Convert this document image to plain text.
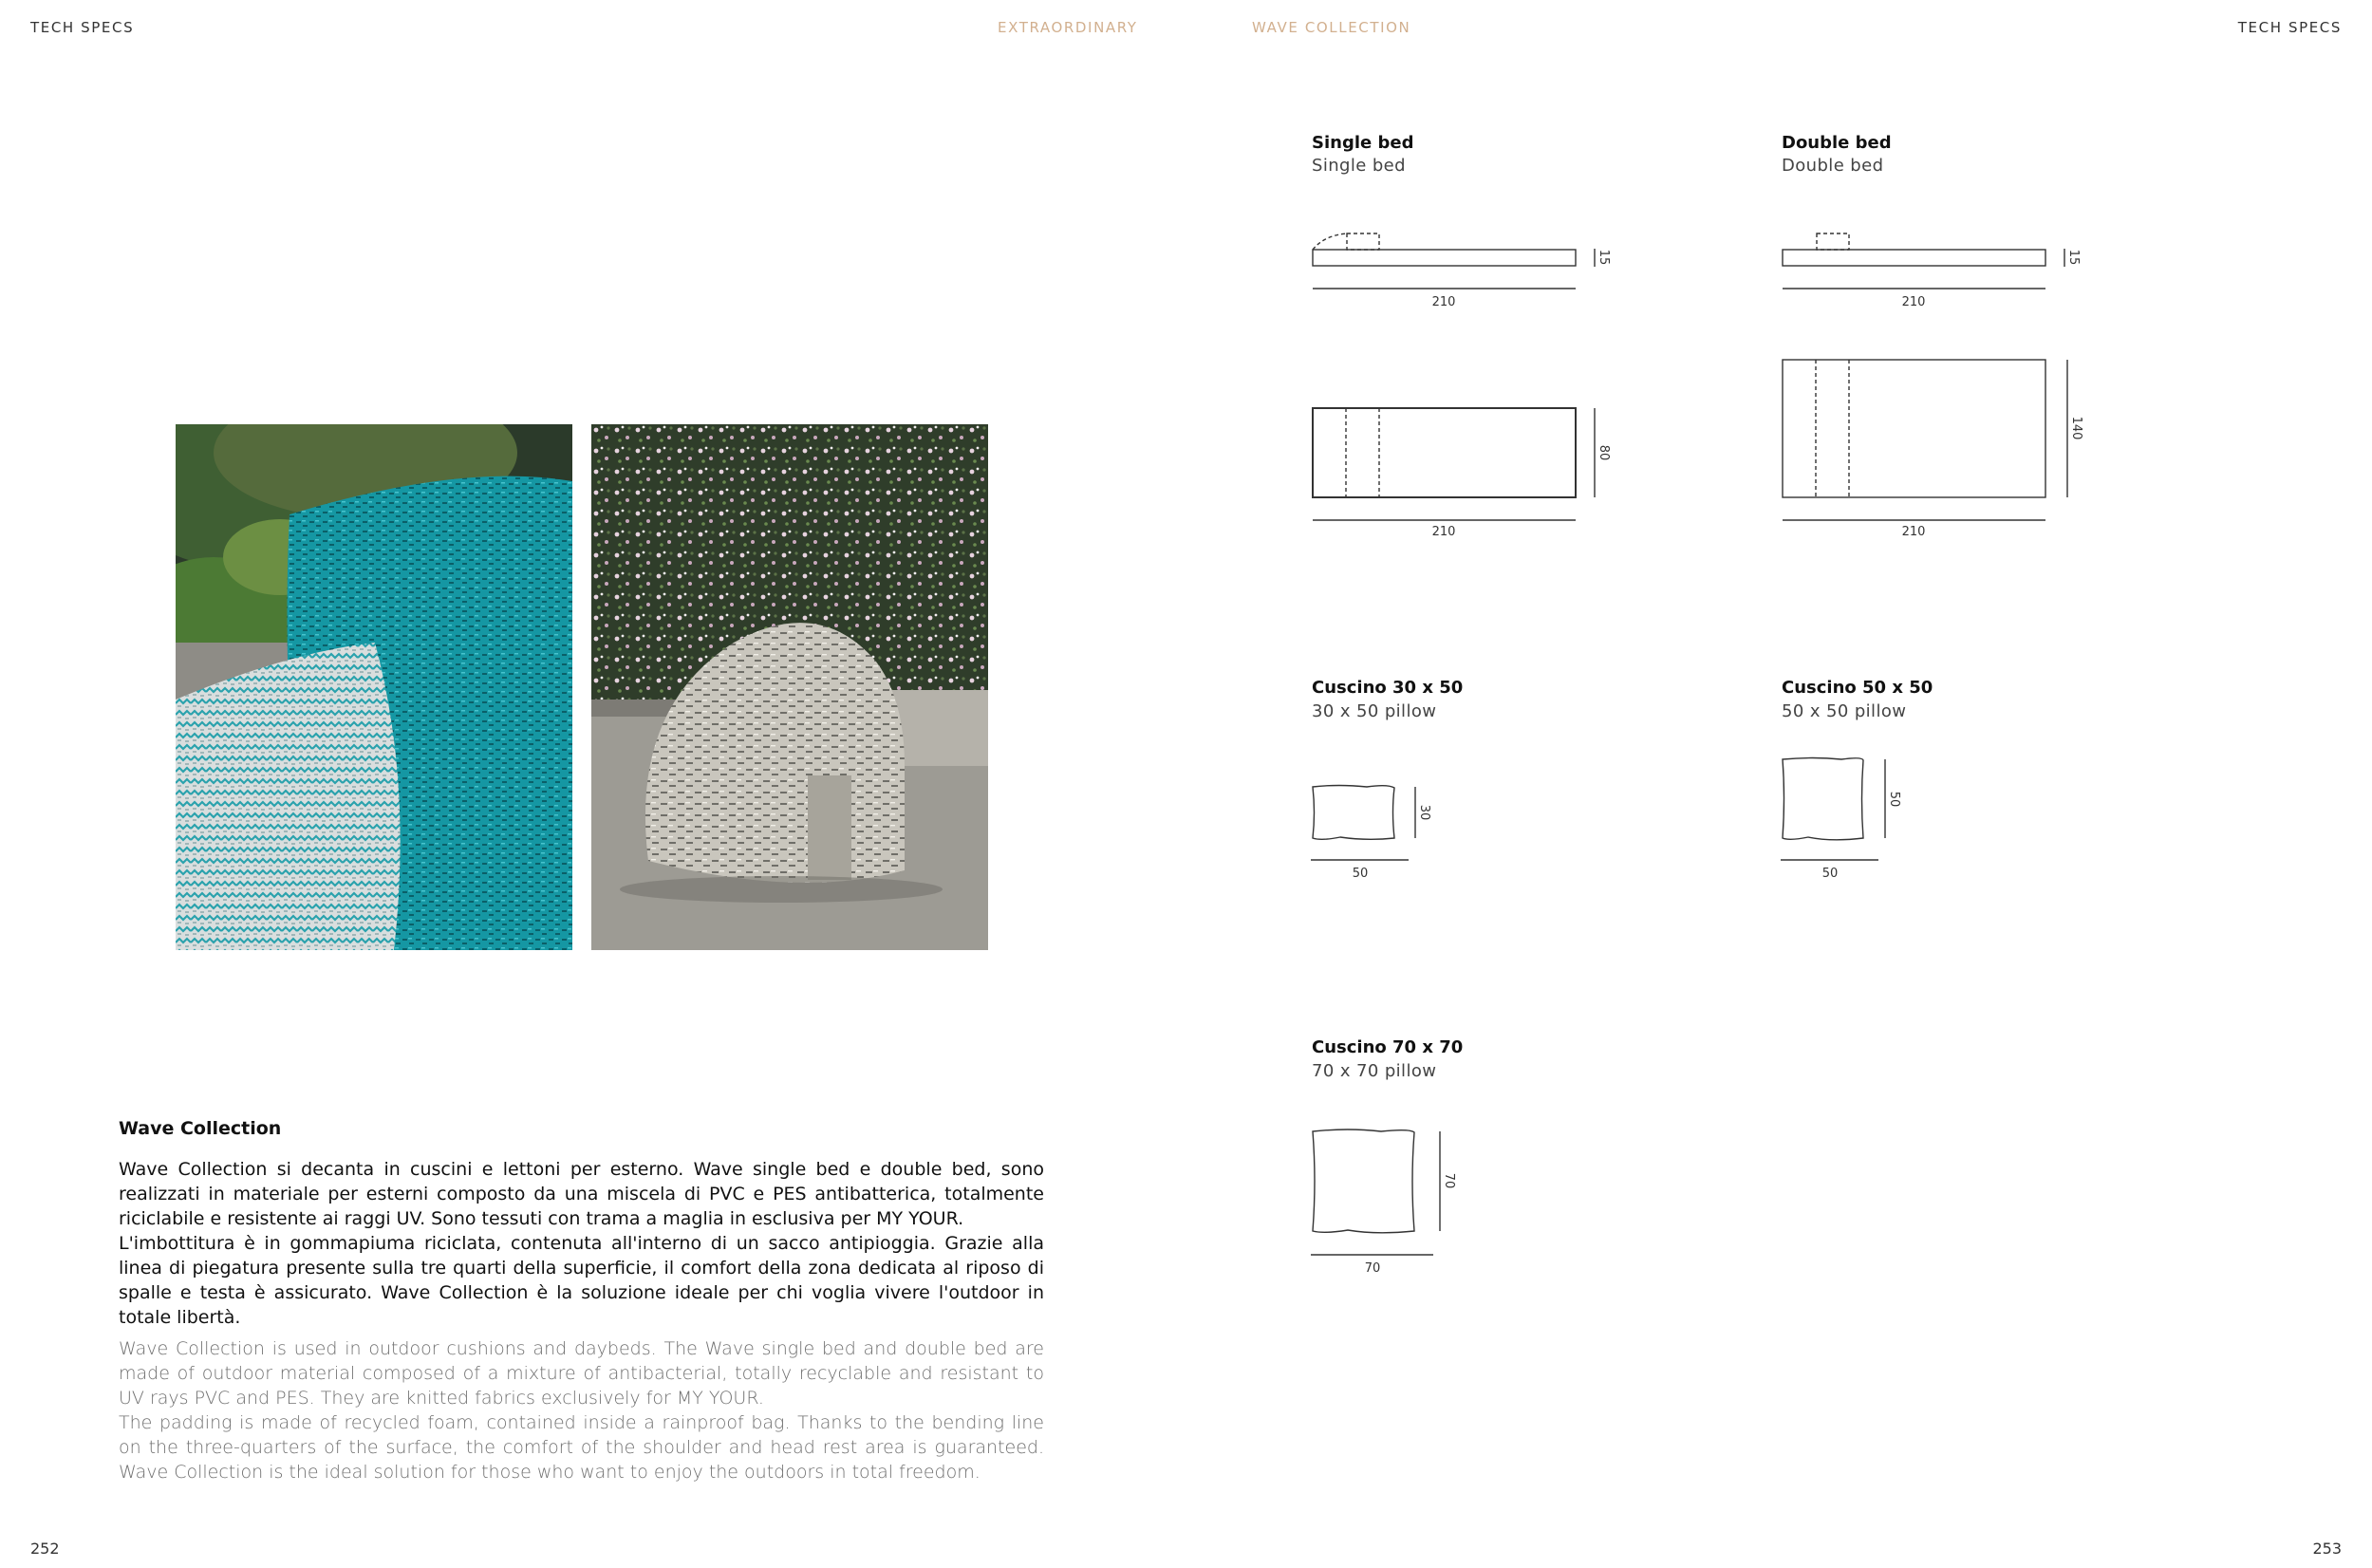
TECH SPECS	EXTRAORDINARY	WAVE COLLECTION	TECH SPECS
Wave Collection
Wave Collection si decanta in cuscini e lettoni per esterno. Wave single bed e double bed, sono realizzati in materiale per esterni composto da una miscela di PVC e PES antibatterica, totalmente riciclabile e resistente ai raggi UV. Sono tessuti con trama a maglia in esclusiva per MY YOUR.
L'imbottitura è in gommapiuma riciclata, contenuta all'interno di un sacco antipioggia. Grazie alla linea di piegatura presente sulla tre quarti della superficie, il comfort della zona dedicata al riposo di spalle e testa è assicurato. Wave Collection è la soluzione ideale per chi voglia vivere l'outdoor in totale libertà.
Wave Collection is used in outdoor cushions and daybeds. The Wave single bed and double bed are made of outdoor material composed of a mixture of antibacterial, totally recyclable and resistant to UV rays PVC and PES. They are knitted fabrics exclusively for MY YOUR.
The padding is made of recycled foam, contained inside a rainproof bag. Thanks to the bending line on the three-quarters of the surface, the comfort of the shoulder and head rest area is guaranteed. Wave Collection is the ideal solution for those who want to enjoy the outdoors in total freedom.
Single bed
Single bed
Double bed
Double bed
Cuscino 30 x 50
30 x 50 pillow
Cuscino 50 x 50
50 x 50 pillow
Cuscino 70 x 70
70 x 70 pillow
210
15
210
80
210
15
210
140
50
30
50
50
70
70
252	253
